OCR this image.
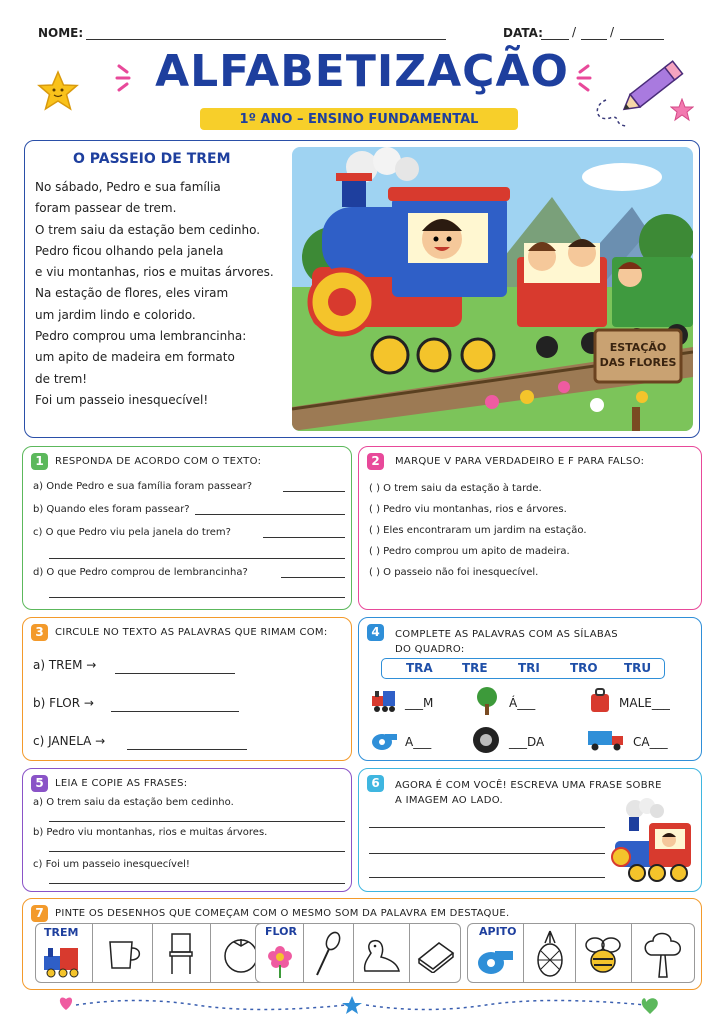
NOME:	DATA: /	/
ALFABETIZAÇÃO
1º ANO – ENSINO FUNDAMENTAL
O PASSEIO DE TREM
No sábado, Pedro e sua família
foram passear de trem.
O trem saiu da estação bem cedinho.
Pedro ficou olhando pela janela
e viu montanhas, rios e muitas árvores.
Na estação de flores, eles viram
um jardim lindo e colorido.
Pedro comprou uma lembrancinha:
um apito de madeira em formato
de trem!
Foi um passeio inesquecível!
ESTAÇÃO
DAS FLORES
1	RESPONDA DE ACORDO COM O TEXTO:
a) Onde Pedro e sua família foram passear?
b) Quando eles foram passear?
c) O que Pedro viu pela janela do trem?
d) O que Pedro comprou de lembrancinha?
2	MARQUE V PARA VERDADEIRO E F PARA FALSO:
( ) O trem saiu da estação à tarde.
( ) Pedro viu montanhas, rios e árvores.
( ) Eles encontraram um jardim na estação.
( ) Pedro comprou um apito de madeira.
( ) O passeio não foi inesquecível.
3	CIRCULE NO TEXTO AS PALAVRAS QUE RIMAM COM:
a) TREM →
b) FLOR →
c) JANELA →
4	COMPLETE AS PALAVRAS COM AS SÍLABAS
DO QUADRO:
TRA TRE	TRI	TRO TRU
___M	Á___	MALE___
A___	___DA	CA___
5	LEIA E COPIE AS FRASES:
a) O trem saiu da estação bem cedinho.
b) Pedro viu montanhas, rios e muitas árvores.
c) Foi um passeio inesquecível!
6	AGORA É COM VOCÊ! ESCREVA UMA FRASE SOBRE
A IMAGEM AO LADO.
7	PINTE OS DESENHOS QUE COMEÇAM COM O MESMO SOM DA PALAVRA EM DESTAQUE.
TREM	FLOR	APITO
